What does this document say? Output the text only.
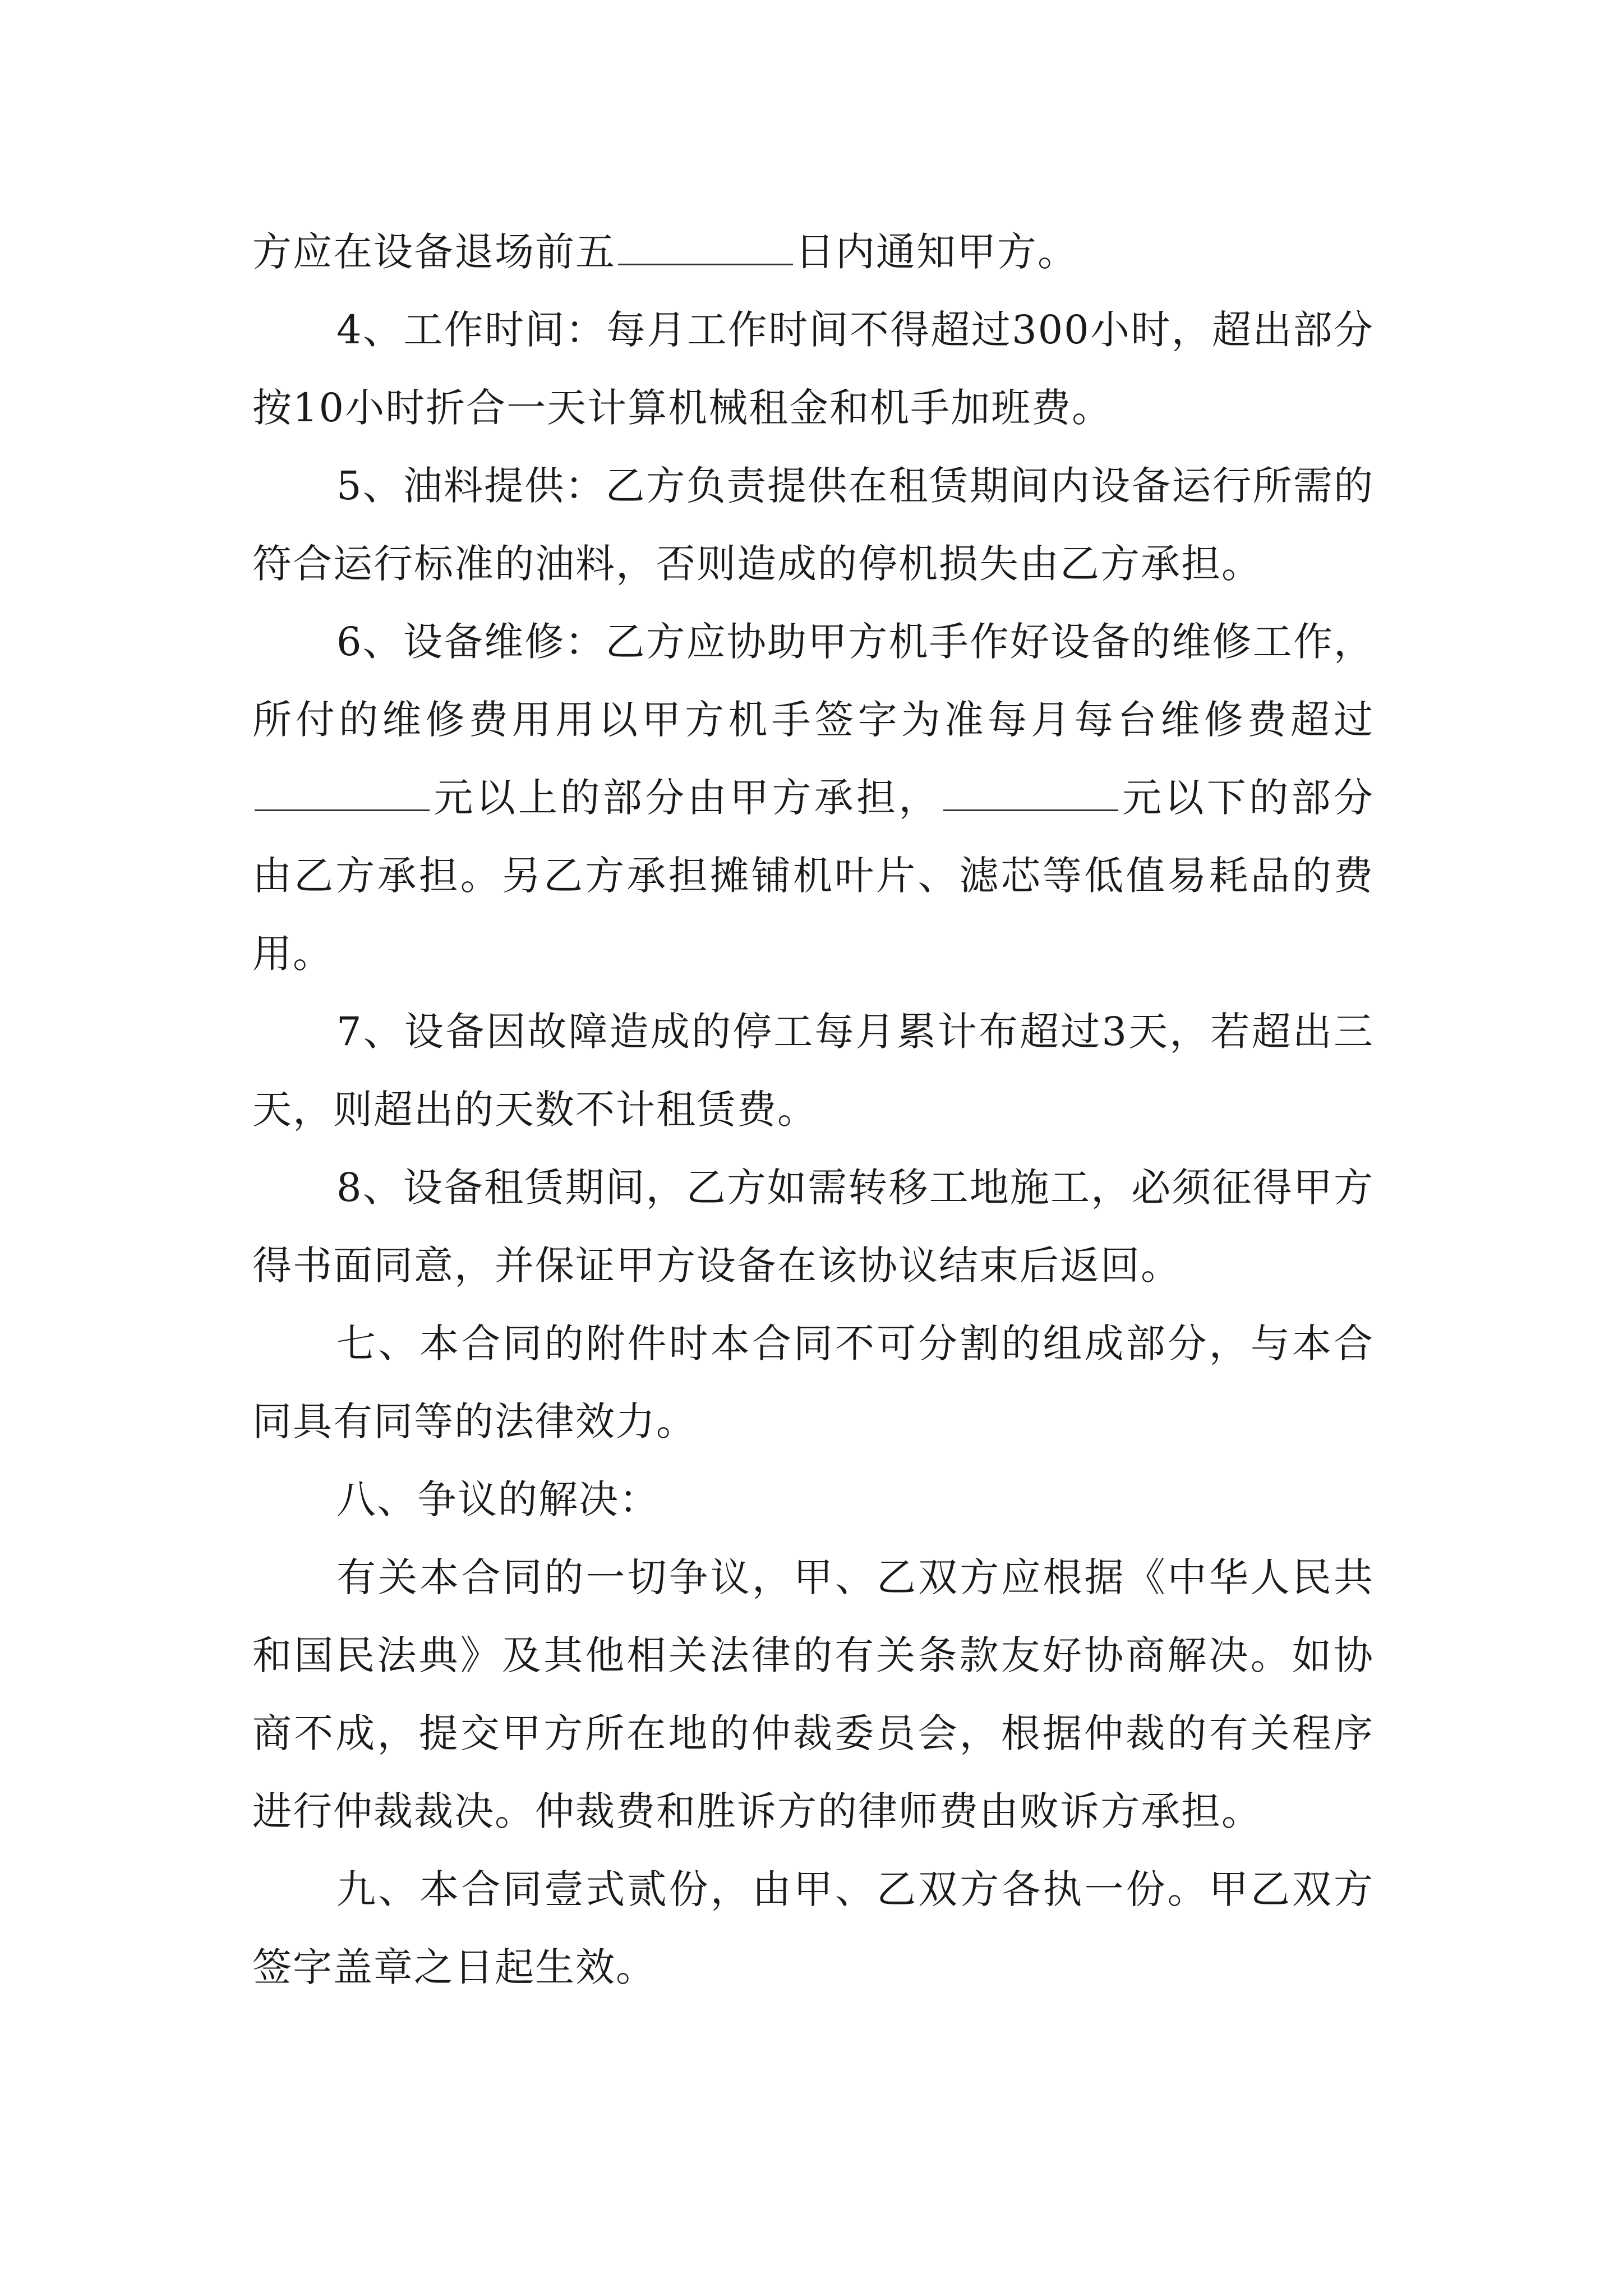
方应在设备退场前五	日内通知甲方。

4、工作时间：每月工作时间不得超过300小时，超出部分按10小时折合一天计算机械租金和机手加班费。

5、油料提供：乙方负责提供在租赁期间内设备运行所需的符合运行标准的油料，否则造成的停机损失由乙方承担。

6、设备维修：乙方应协助甲方机手作好设备的维修工作，所付的维修费用用以甲方机手签字为准每月每台维修费超过元以上的部分由甲方承担，	元以下的部分由乙方承担。另乙方承担摊铺机叶片、滤芯等低值易耗品的费用。

7、设备因故障造成的停工每月累计布超过3天，若超出三天，则超出的天数不计租赁费。

8、设备租赁期间，乙方如需转移工地施工，必须征得甲方得书面同意，并保证甲方设备在该协议结束后返回。

七、本合同的附件时本合同不可分割的组成部分，与本合同具有同等的法律效力。

八、争议的解决：

有关本合同的一切争议，甲、乙双方应根据《中华人民共和国民法典》及其他相关法律的有关条款友好协商解决。如协商不成，提交甲方所在地的仲裁委员会，根据仲裁的有关程序进行仲裁裁决。仲裁费和胜诉方的律师费由败诉方承担。

九、本合同壹式贰份，由甲、乙双方各执一份。甲乙双方签字盖章之日起生效。
